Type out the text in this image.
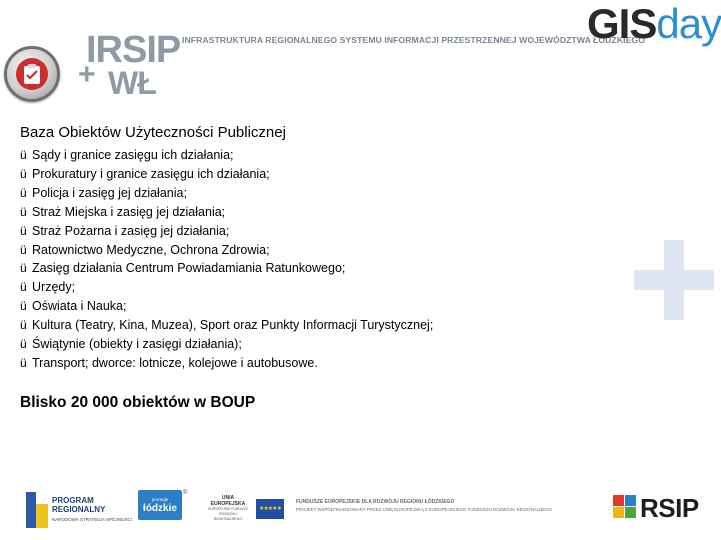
IRSIP
+ WŁ
INFRASTRUKTURA REGIONALNEGO SYSTEMU INFORMACJI PRZESTRZENNEJ WOJEWÓDZTWA ŁÓDZKIEGO
GISday
Baza Obiektów Użyteczności Publicznej
ü Sądy i granice zasięgu ich działania;
ü Prokuratury i granice zasięgu ich działania;
ü Policja i zasięg jej działania;
ü Straż Miejska i zasięg jej działania;
ü Straż Pożarna i zasięg jej działania;
ü Ratownictwo Medyczne, Ochrona Zdrowia;
ü Zasięg działania Centrum Powiadamiania Ratunkowego;
ü Urzędy;
ü Oświata i Nauka;
ü Kultura (Teatry, Kina, Muzea), Sport oraz Punkty Informacji Turystycznej;
ü Świątynie (obiekty i zasięgi działania);
ü Transport; dworce: lotnicze, kolejowe i autobusowe.
Blisko 20 000 obiektów w BOUP
PROGRAM
REGIONALNY
NARODOWA STRATEGIA SPÓJNOŚCI
promuje
łódzkie
®
UNIA EUROPEJSKA
EUROPEJSKI FUNDUSZ ROZWOJU REGIONALNEGO
★★★★★
FUNDUSZE EUROPEJSKIE DLA ROZWOJU REGIONU ŁÓDZKIEGO
PROJEKT WSPÓŁFINANSOWANY PRZEZ UNIĘ EUROPEJSKĄ Z EUROPEJSKIEGO FUNDUSZU ROZWOJU REGIONALNEGO	RSIP
